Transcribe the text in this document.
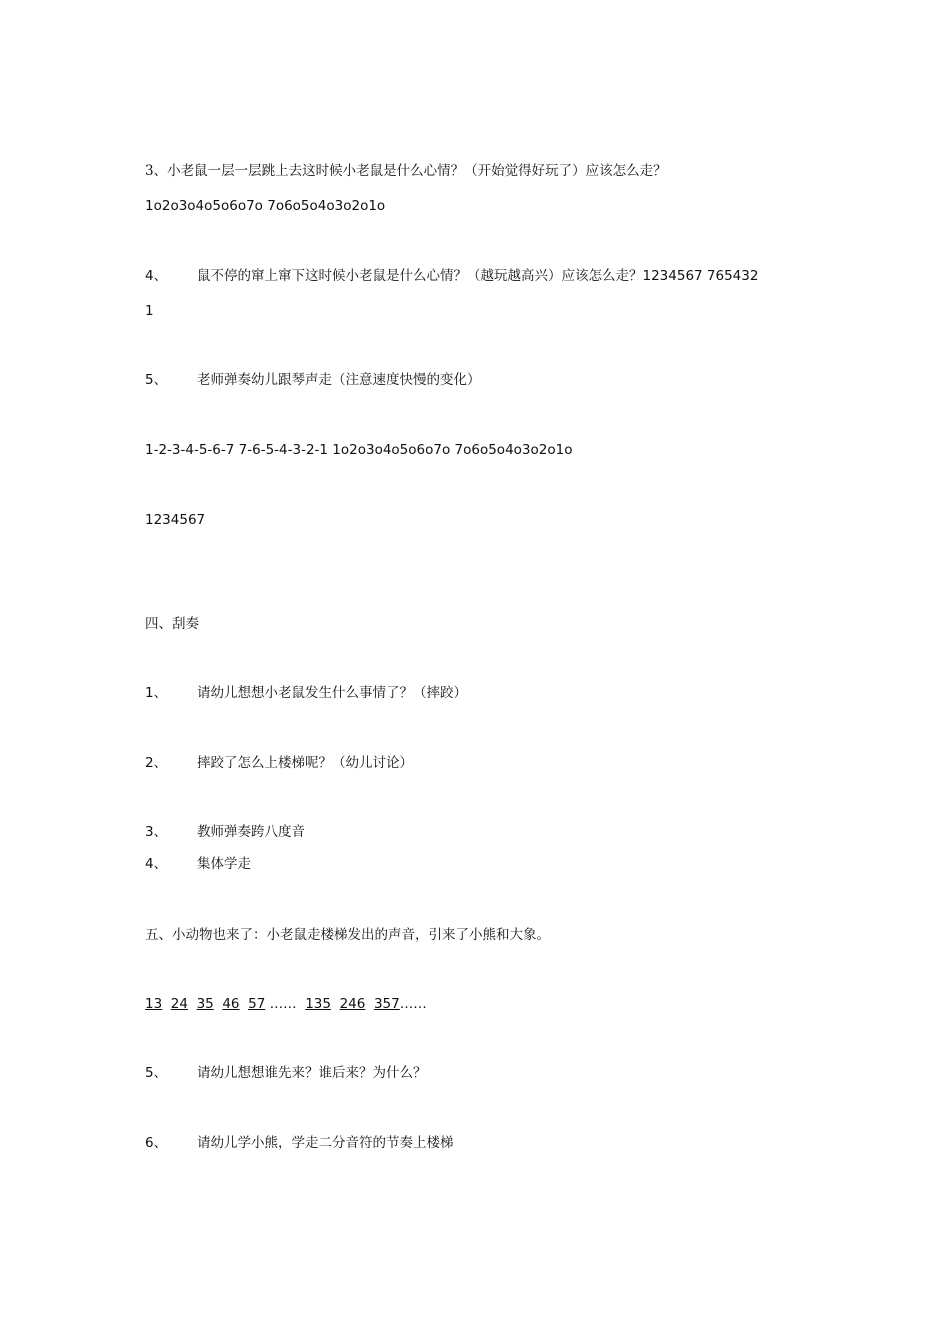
3、小老鼠一层一层跳上去这时候小老鼠是什么心情？（开始觉得好玩了）应该怎么走？
1o2o3o4o5o6o7o 7o6o5o4o3o2o1o
4、 鼠不停的窜上窜下这时候小老鼠是什么心情？（越玩越高兴）应该怎么走？1234567 765432
1
5、 老师弹奏幼儿跟琴声走（注意速度快慢的变化）
1-2-3-4-5-6-7 7-6-5-4-3-2-1 1o2o3o4o5o6o7o 7o6o5o4o3o2o1o
1234567
四、刮奏
1、 请幼儿想想小老鼠发生什么事情了？（摔跤）
2、 摔跤了怎么上楼梯呢？（幼儿讨论）
3、 教师弹奏跨八度音
4、 集体学走
五、小动物也来了：小老鼠走楼梯发出的声音，引来了小熊和大象。
13 24 35 46 57 …… 135 246 357……
5、 请幼儿想想谁先来？谁后来？为什么？
6、 请幼儿学小熊，学走二分音符的节奏上楼梯
